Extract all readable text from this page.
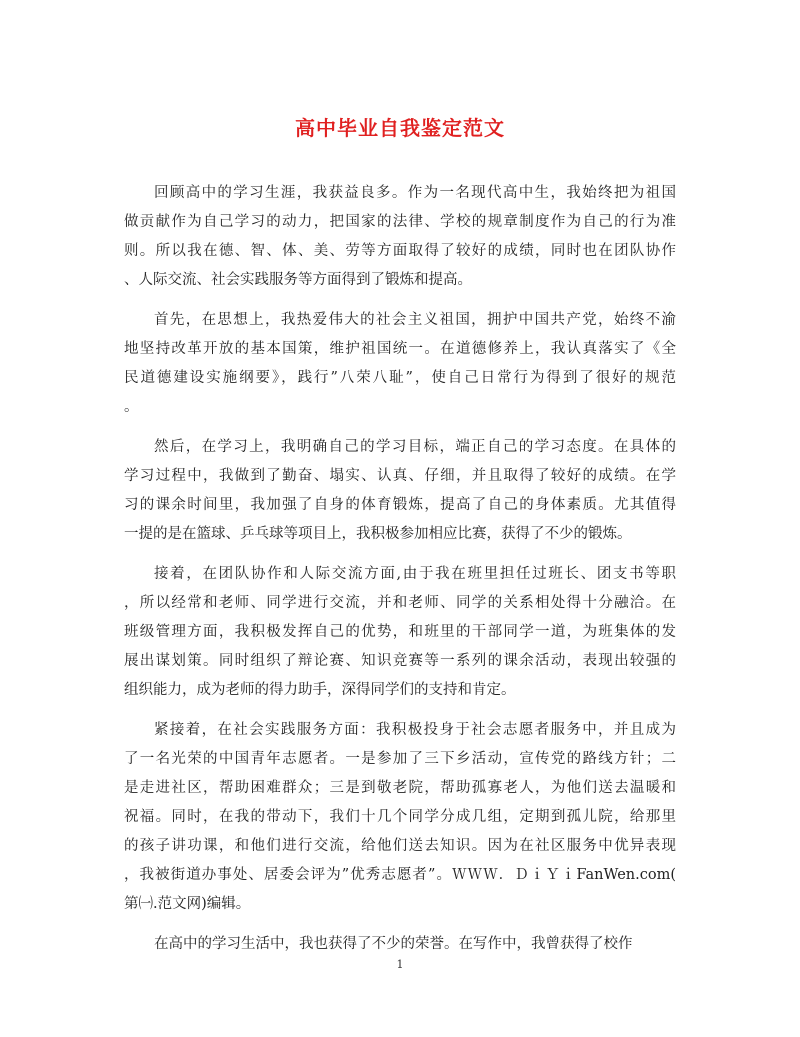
高中毕业自我鉴定范文
回顾高中的学习生涯，我获益良多。作为一名现代高中生，我始终把为祖国
做贡献作为自己学习的动力，把国家的法律、学校的规章制度作为自己的行为准
则。所以我在德、智、体、美、劳等方面取得了较好的成绩，同时也在团队协作
、人际交流、社会实践服务等方面得到了锻炼和提高。
首先，在思想上，我热爱伟大的社会主义祖国，拥护中国共产党，始终不渝
地坚持改革开放的基本国策，维护祖国统一。在道德修养上，我认真落实了《全
民道德建设实施纲要》，践行”八荣八耻”，使自己日常行为得到了很好的规范
。
然后，在学习上，我明确自己的学习目标，端正自己的学习态度。在具体的
学习过程中，我做到了勤奋、塌实、认真、仔细，并且取得了较好的成绩。在学
习的课余时间里，我加强了自身的体育锻炼，提高了自己的身体素质。尤其值得
一提的是在篮球、乒乓球等项目上，我积极参加相应比赛，获得了不少的锻炼。
接着，在团队协作和人际交流方面,由于我在班里担任过班长、团支书等职
，所以经常和老师、同学进行交流，并和老师、同学的关系相处得十分融洽。在
班级管理方面，我积极发挥自己的优势，和班里的干部同学一道，为班集体的发
展出谋划策。同时组织了辩论赛、知识竞赛等一系列的课余活动，表现出较强的
组织能力，成为老师的得力助手，深得同学们的支持和肯定。
紧接着，在社会实践服务方面：我积极投身于社会志愿者服务中，并且成为
了一名光荣的中国青年志愿者。一是参加了三下乡活动，宣传党的路线方针；二
是走进社区，帮助困难群众；三是到敬老院，帮助孤寡老人，为他们送去温暖和
祝福。同时，在我的带动下，我们十几个同学分成几组，定期到孤儿院，给那里
的孩子讲功课，和他们进行交流，给他们送去知识。因为在社区服务中优异表现
，我被街道办事处、居委会评为”优秀志愿者”。ＷＷＷ．ＤｉＹｉFanWen.com(
第㈠.范文网)编辑。
在高中的学习生活中，我也获得了不少的荣誉。在写作中，我曾获得了校作
1
